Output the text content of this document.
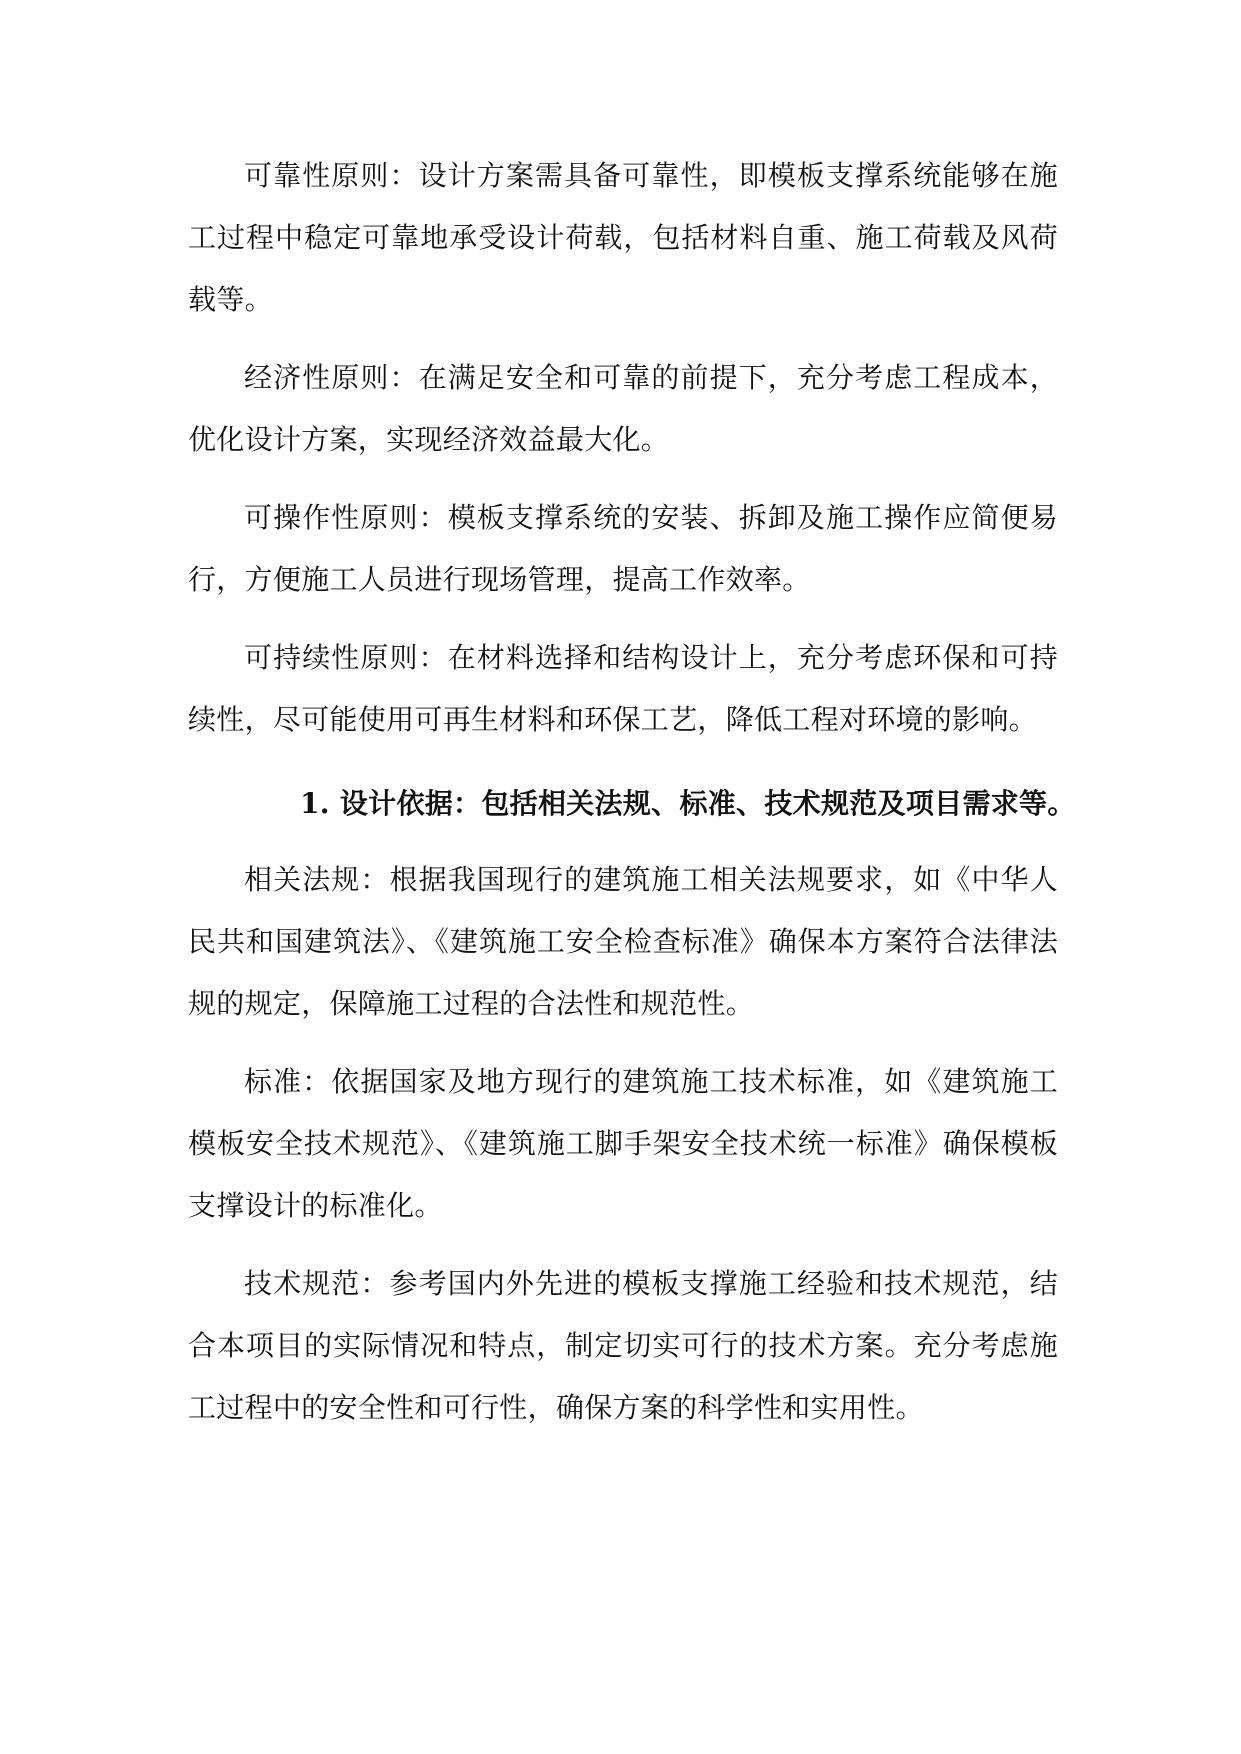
可靠性原则：设计方案需具备可靠性，即模板支撑系统能够在施工过程中稳定可靠地承受设计荷载，包括材料自重、施工荷载及风荷载等。

经济性原则：在满足安全和可靠的前提下，充分考虑工程成本，优化设计方案，实现经济效益最大化。

可操作性原则：模板支撑系统的安装、拆卸及施工操作应简便易行，方便施工人员进行现场管理，提高工作效率。

可持续性原则：在材料选择和结构设计上，充分考虑环保和可持续性，尽可能使用可再生材料和环保工艺，降低工程对环境的影响。

1. 设计依据：包括相关法规、标准、技术规范及项目需求等。

相关法规：根据我国现行的建筑施工相关法规要求，如《中华人民共和国建筑法》、《建筑施工安全检查标准》确保本方案符合法律法规的规定，保障施工过程的合法性和规范性。

标准：依据国家及地方现行的建筑施工技术标准，如《建筑施工模板安全技术规范》、《建筑施工脚手架安全技术统一标准》确保模板支撑设计的标准化。

技术规范：参考国内外先进的模板支撑施工经验和技术规范，结合本项目的实际情况和特点，制定切实可行的技术方案。充分考虑施工过程中的安全性和可行性，确保方案的科学性和实用性。
